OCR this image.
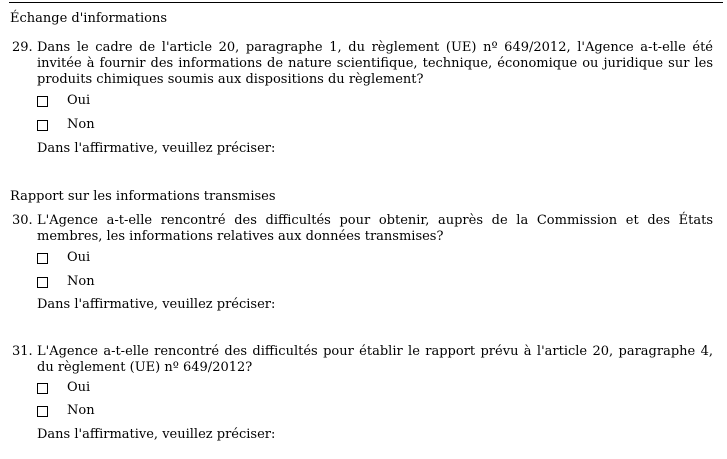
Échange d'informations
29. Dans le cadre de l'article 20, paragraphe 1, du règlement (UE) nº 649/2012, l'Agence a-t-elle été invitée à fournir des informations de nature scientifique, technique, économique ou juridique sur les produits chimiques soumis aux dispositions du règlement?
Oui
Non
Dans l'affirmative, veuillez préciser:
Rapport sur les informations transmises
30. L'Agence a-t-elle rencontré des difficultés pour obtenir, auprès de la Commission et des États membres, les informations relatives aux données transmises?
Oui
Non
Dans l'affirmative, veuillez préciser:
31. L'Agence a-t-elle rencontré des difficultés pour établir le rapport prévu à l'article 20, paragraphe 4, du règlement (UE) nº 649/2012?
Oui
Non
Dans l'affirmative, veuillez préciser:
